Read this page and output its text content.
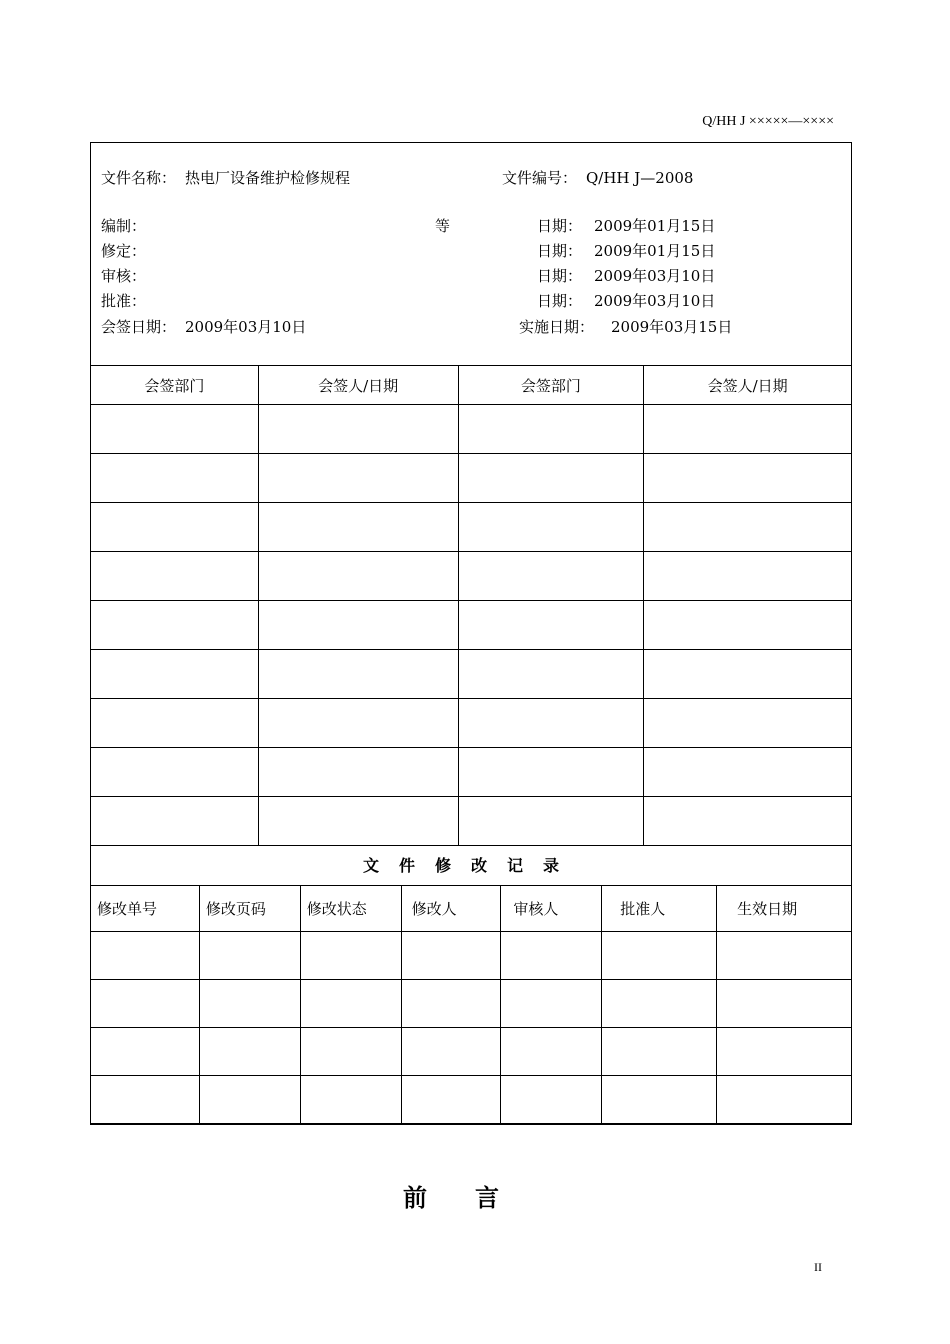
Q/HH J ×××××—××××
文件名称： 热电厂设备维护检修规程	文件编号： Q/HH J—2008
编制：	等	日期： 2009年01月15日
修定：	日期： 2009年01月15日
审核：	日期： 2009年03月10日
批准：	日期： 2009年03月10日
会签日期： 2009年03月10日	实施日期： 2009年03月15日
会签部门	会签人/日期	会签部门	会签人/日期

文件修改记录
修改单号	修改页码	修改状态	修改人	审核人	批准人	生效日期

前言
II
